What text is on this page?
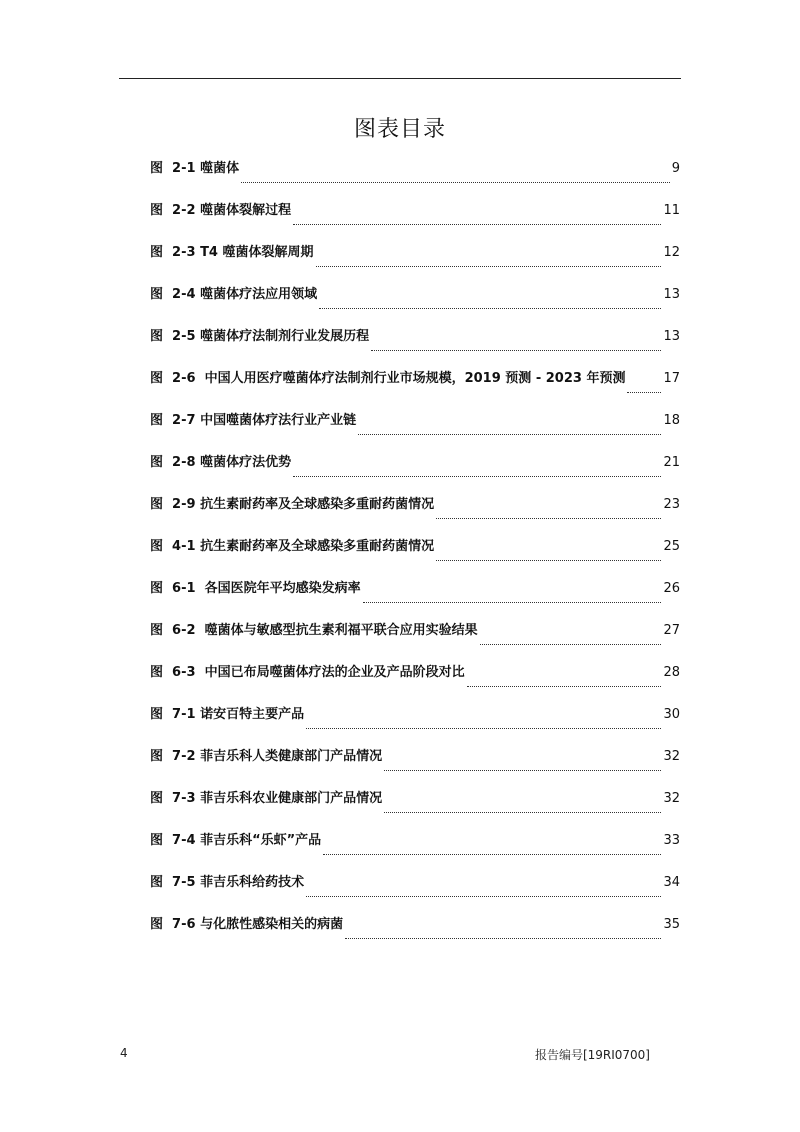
图表目录
图  2-1 噬菌体	9
图  2-2 噬菌体裂解过程	11
图  2-3 T4 噬菌体裂解周期	12
图  2-4 噬菌体疗法应用领域	13
图  2-5 噬菌体疗法制剂行业发展历程	13
图  2-6  中国人用医疗噬菌体疗法制剂行业市场规模，2019 预测 - 2023 年预测	17
图  2-7 中国噬菌体疗法行业产业链	18
图  2-8 噬菌体疗法优势	21
图  2-9 抗生素耐药率及全球感染多重耐药菌情况	23
图  4-1 抗生素耐药率及全球感染多重耐药菌情况	25
图  6-1  各国医院年平均感染发病率	26
图  6-2  噬菌体与敏感型抗生素利福平联合应用实验结果	27
图  6-3  中国已布局噬菌体疗法的企业及产品阶段对比	28
图  7-1 诺安百特主要产品	30
图  7-2 菲吉乐科人类健康部门产品情况	32
图  7-3 菲吉乐科农业健康部门产品情况	32
图  7-4 菲吉乐科“乐虾”产品	33
图  7-5 菲吉乐科给药技术	34
图  7-6 与化脓性感染相关的病菌	35
4	报告编号[19RI0700]
